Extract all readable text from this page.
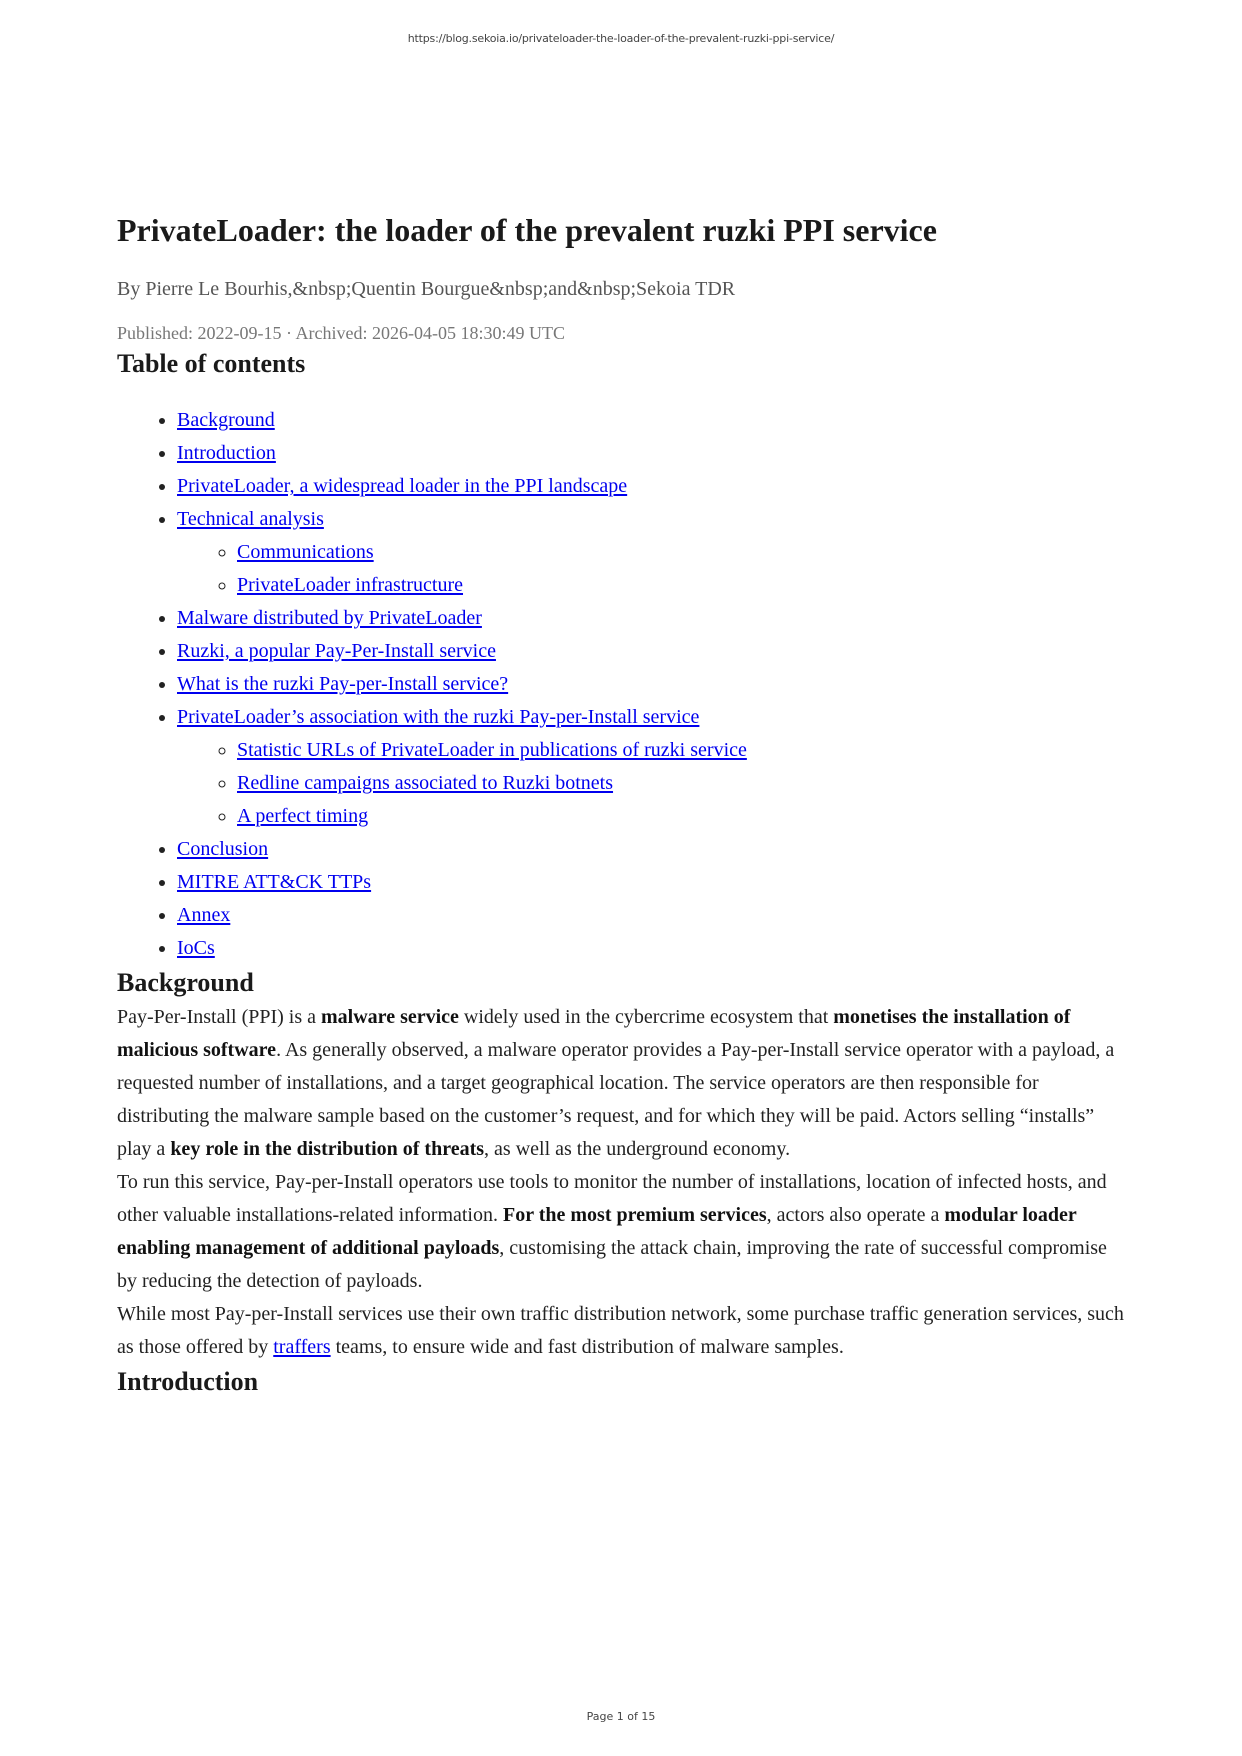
https://blog.sekoia.io/privateloader-the-loader-of-the-prevalent-ruzki-ppi-service/
PrivateLoader: the loader of the prevalent ruzki PPI service
By Pierre Le Bourhis,&nbsp;Quentin Bourgue&nbsp;and&nbsp;Sekoia TDR
Published: 2022-09-15 · Archived: 2026-04-05 18:30:49 UTC
Table of contents
• Background
• Introduction
• PrivateLoader, a widespread loader in the PPI landscape
• Technical analysis
◦ Communications
◦ PrivateLoader infrastructure
• Malware distributed by PrivateLoader
• Ruzki, a popular Pay-Per-Install service
• What is the ruzki Pay-per-Install service?
• PrivateLoader’s association with the ruzki Pay-per-Install service
◦ Statistic URLs of PrivateLoader in publications of ruzki service
◦ Redline campaigns associated to Ruzki botnets
◦ A perfect timing
• Conclusion
• MITRE ATT&CK TTPs
• Annex
• IoCs
Background

Pay-Per-Install (PPI) is a malware service widely used in the cybercrime ecosystem that monetises the installation of malicious software. As generally observed, a malware operator provides a Pay-per-Install service operator with a payload, a requested number of installations, and a target geographical location. The service operators are then responsible for distributing the malware sample based on the customer’s request, and for which they will be paid. Actors selling “installs” play a key role in the distribution of threats, as well as the underground economy.

To run this service, Pay-per-Install operators use tools to monitor the number of installations, location of infected hosts, and other valuable installations-related information. For the most premium services, actors also operate a modular loader enabling management of additional payloads, customising the attack chain, improving the rate of successful compromise by reducing the detection of payloads.

While most Pay-per-Install services use their own traffic distribution network, some purchase traffic generation services, such as those offered by traffers teams, to ensure wide and fast distribution of malware samples.

Introduction
Page 1 of 15
